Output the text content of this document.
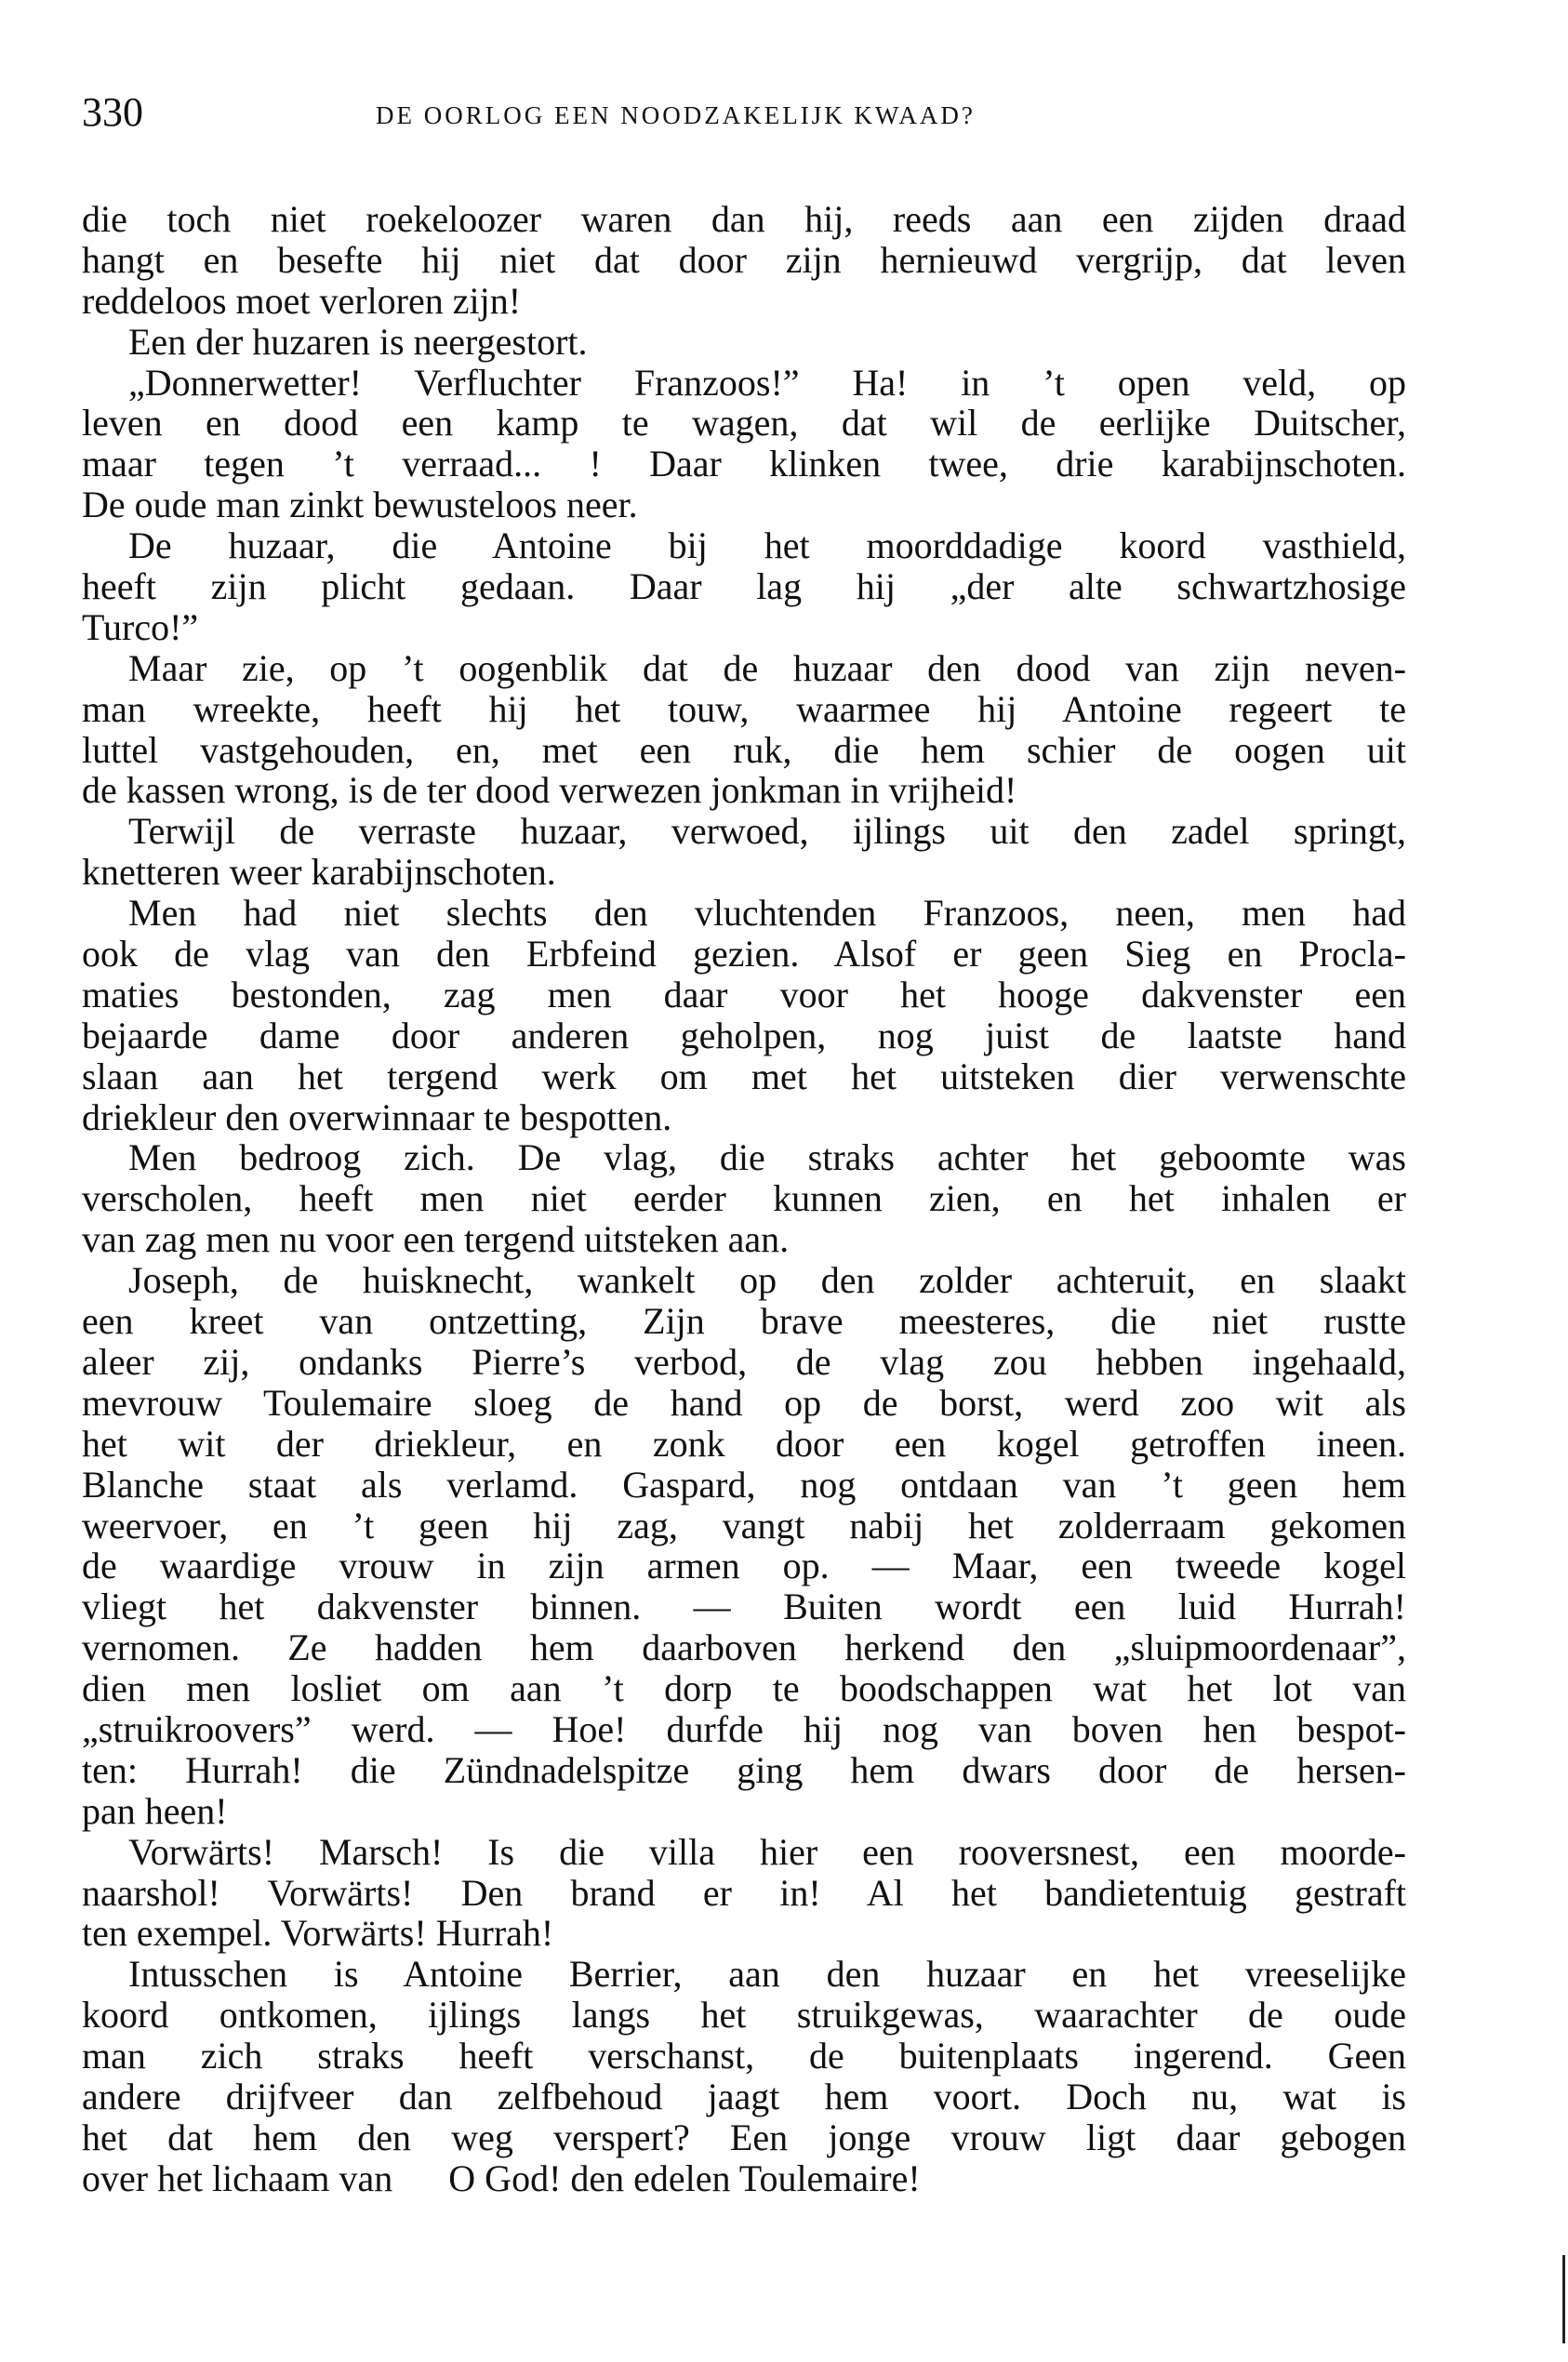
330	DE OORLOG EEN NOODZAKELIJK KWAAD?
die toch niet roekeloozer waren dan hij, reeds aan een zijden draad
hangt en besefte hij niet dat door zijn hernieuwd vergrijp, dat leven
reddeloos moet verloren zijn!
Een der huzaren is neergestort.
„Donnerwetter! Verfluchter Franzoos!” Ha! in ’t open veld, op
leven en dood een kamp te wagen, dat wil de eerlijke Duitscher,
maar tegen ’t verraad... ! Daar klinken twee, drie karabijnschoten.
De oude man zinkt bewusteloos neer.
De huzaar, die Antoine bij het moorddadige koord vasthield,
heeft zijn plicht gedaan. Daar lag hij „der alte schwartzhosige
Turco!”
Maar zie, op ’t oogenblik dat de huzaar den dood van zijn neven-
man wreekte, heeft hij het touw, waarmee hij Antoine regeert te
luttel vastgehouden, en, met een ruk, die hem schier de oogen uit
de kassen wrong, is de ter dood verwezen jonkman in vrijheid!
Terwijl de verraste huzaar, verwoed, ijlings uit den zadel springt,
knetteren weer karabijnschoten.
Men had niet slechts den vluchtenden Franzoos, neen, men had
ook de vlag van den Erbfeind gezien. Alsof er geen Sieg en Procla-
maties bestonden, zag men daar voor het hooge dakvenster een
bejaarde dame door anderen geholpen, nog juist de laatste hand
slaan aan het tergend werk om met het uitsteken dier verwenschte
driekleur den overwinnaar te bespotten.
Men bedroog zich. De vlag, die straks achter het geboomte was
verscholen, heeft men niet eerder kunnen zien, en het inhalen er
van zag men nu voor een tergend uitsteken aan.
Joseph, de huisknecht, wankelt op den zolder achteruit, en slaakt
een kreet van ontzetting, Zijn brave meesteres, die niet rustte
aleer zij, ondanks Pierre’s verbod, de vlag zou hebben ingehaald,
mevrouw Toulemaire sloeg de hand op de borst, werd zoo wit als
het wit der driekleur, en zonk door een kogel getroffen ineen.
Blanche staat als verlamd. Gaspard, nog ontdaan van ’t geen hem
weervoer, en ’t geen hij zag, vangt nabij het zolderraam gekomen
de waardige vrouw in zijn armen op. — Maar, een tweede kogel
vliegt het dakvenster binnen. — Buiten wordt een luid Hurrah!
vernomen. Ze hadden hem daarboven herkend den „sluipmoordenaar”,
dien men losliet om aan ’t dorp te boodschappen wat het lot van
„struikroovers” werd. — Hoe! durfde hij nog van boven hen bespot-
ten: Hurrah! die Zündnadelspitze ging hem dwars door de hersen-
pan heen!
Vorwärts! Marsch! Is die villa hier een rooversnest, een moorde-
naarshol! Vorwärts! Den brand er in! Al het bandietentuig gestraft
ten exempel. Vorwärts! Hurrah!
Intusschen is Antoine Berrier, aan den huzaar en het vreeselijke
koord ontkomen, ijlings langs het struikgewas, waarachter de oude
man zich straks heeft verschanst, de buitenplaats ingerend. Geen
andere drijfveer dan zelfbehoud jaagt hem voort. Doch nu, wat is
het dat hem den weg verspert? Een jonge vrouw ligt daar gebogen
over het lichaam van      O God! den edelen Toulemaire!
